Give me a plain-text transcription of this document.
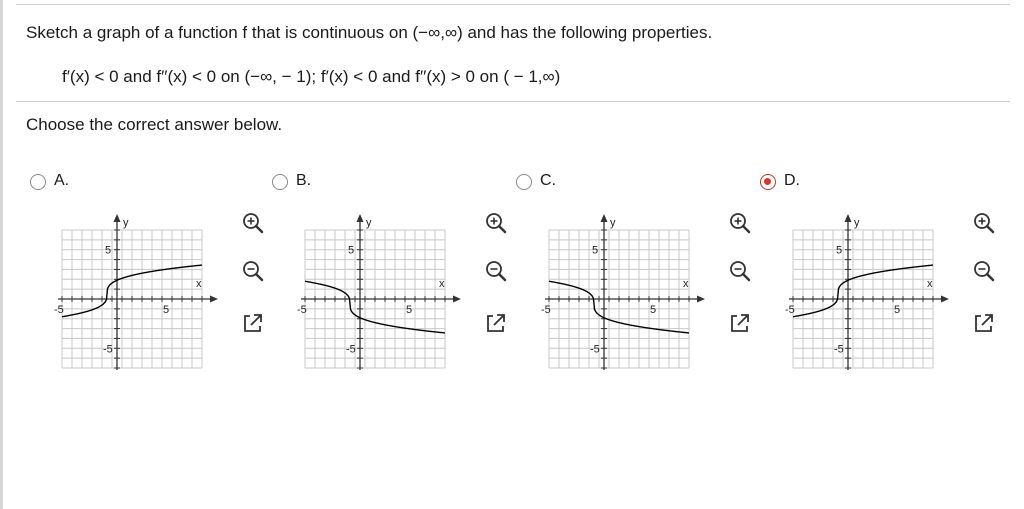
Sketch a graph of a function f that is continuous on (−∞,∞) and has the following properties.
f′(x) < 0 and f′′(x) < 0 on (−∞, − 1); f′(x) < 0 and f′′(x) > 0 on ( − 1,∞)
Choose the correct answer below.
A.
y
x
-5	5
5
-5
B.
y
x
-5	5
5
-5
C.
y
x
-5	5
5
-5
D.
y
x
-5	5
5
-5
